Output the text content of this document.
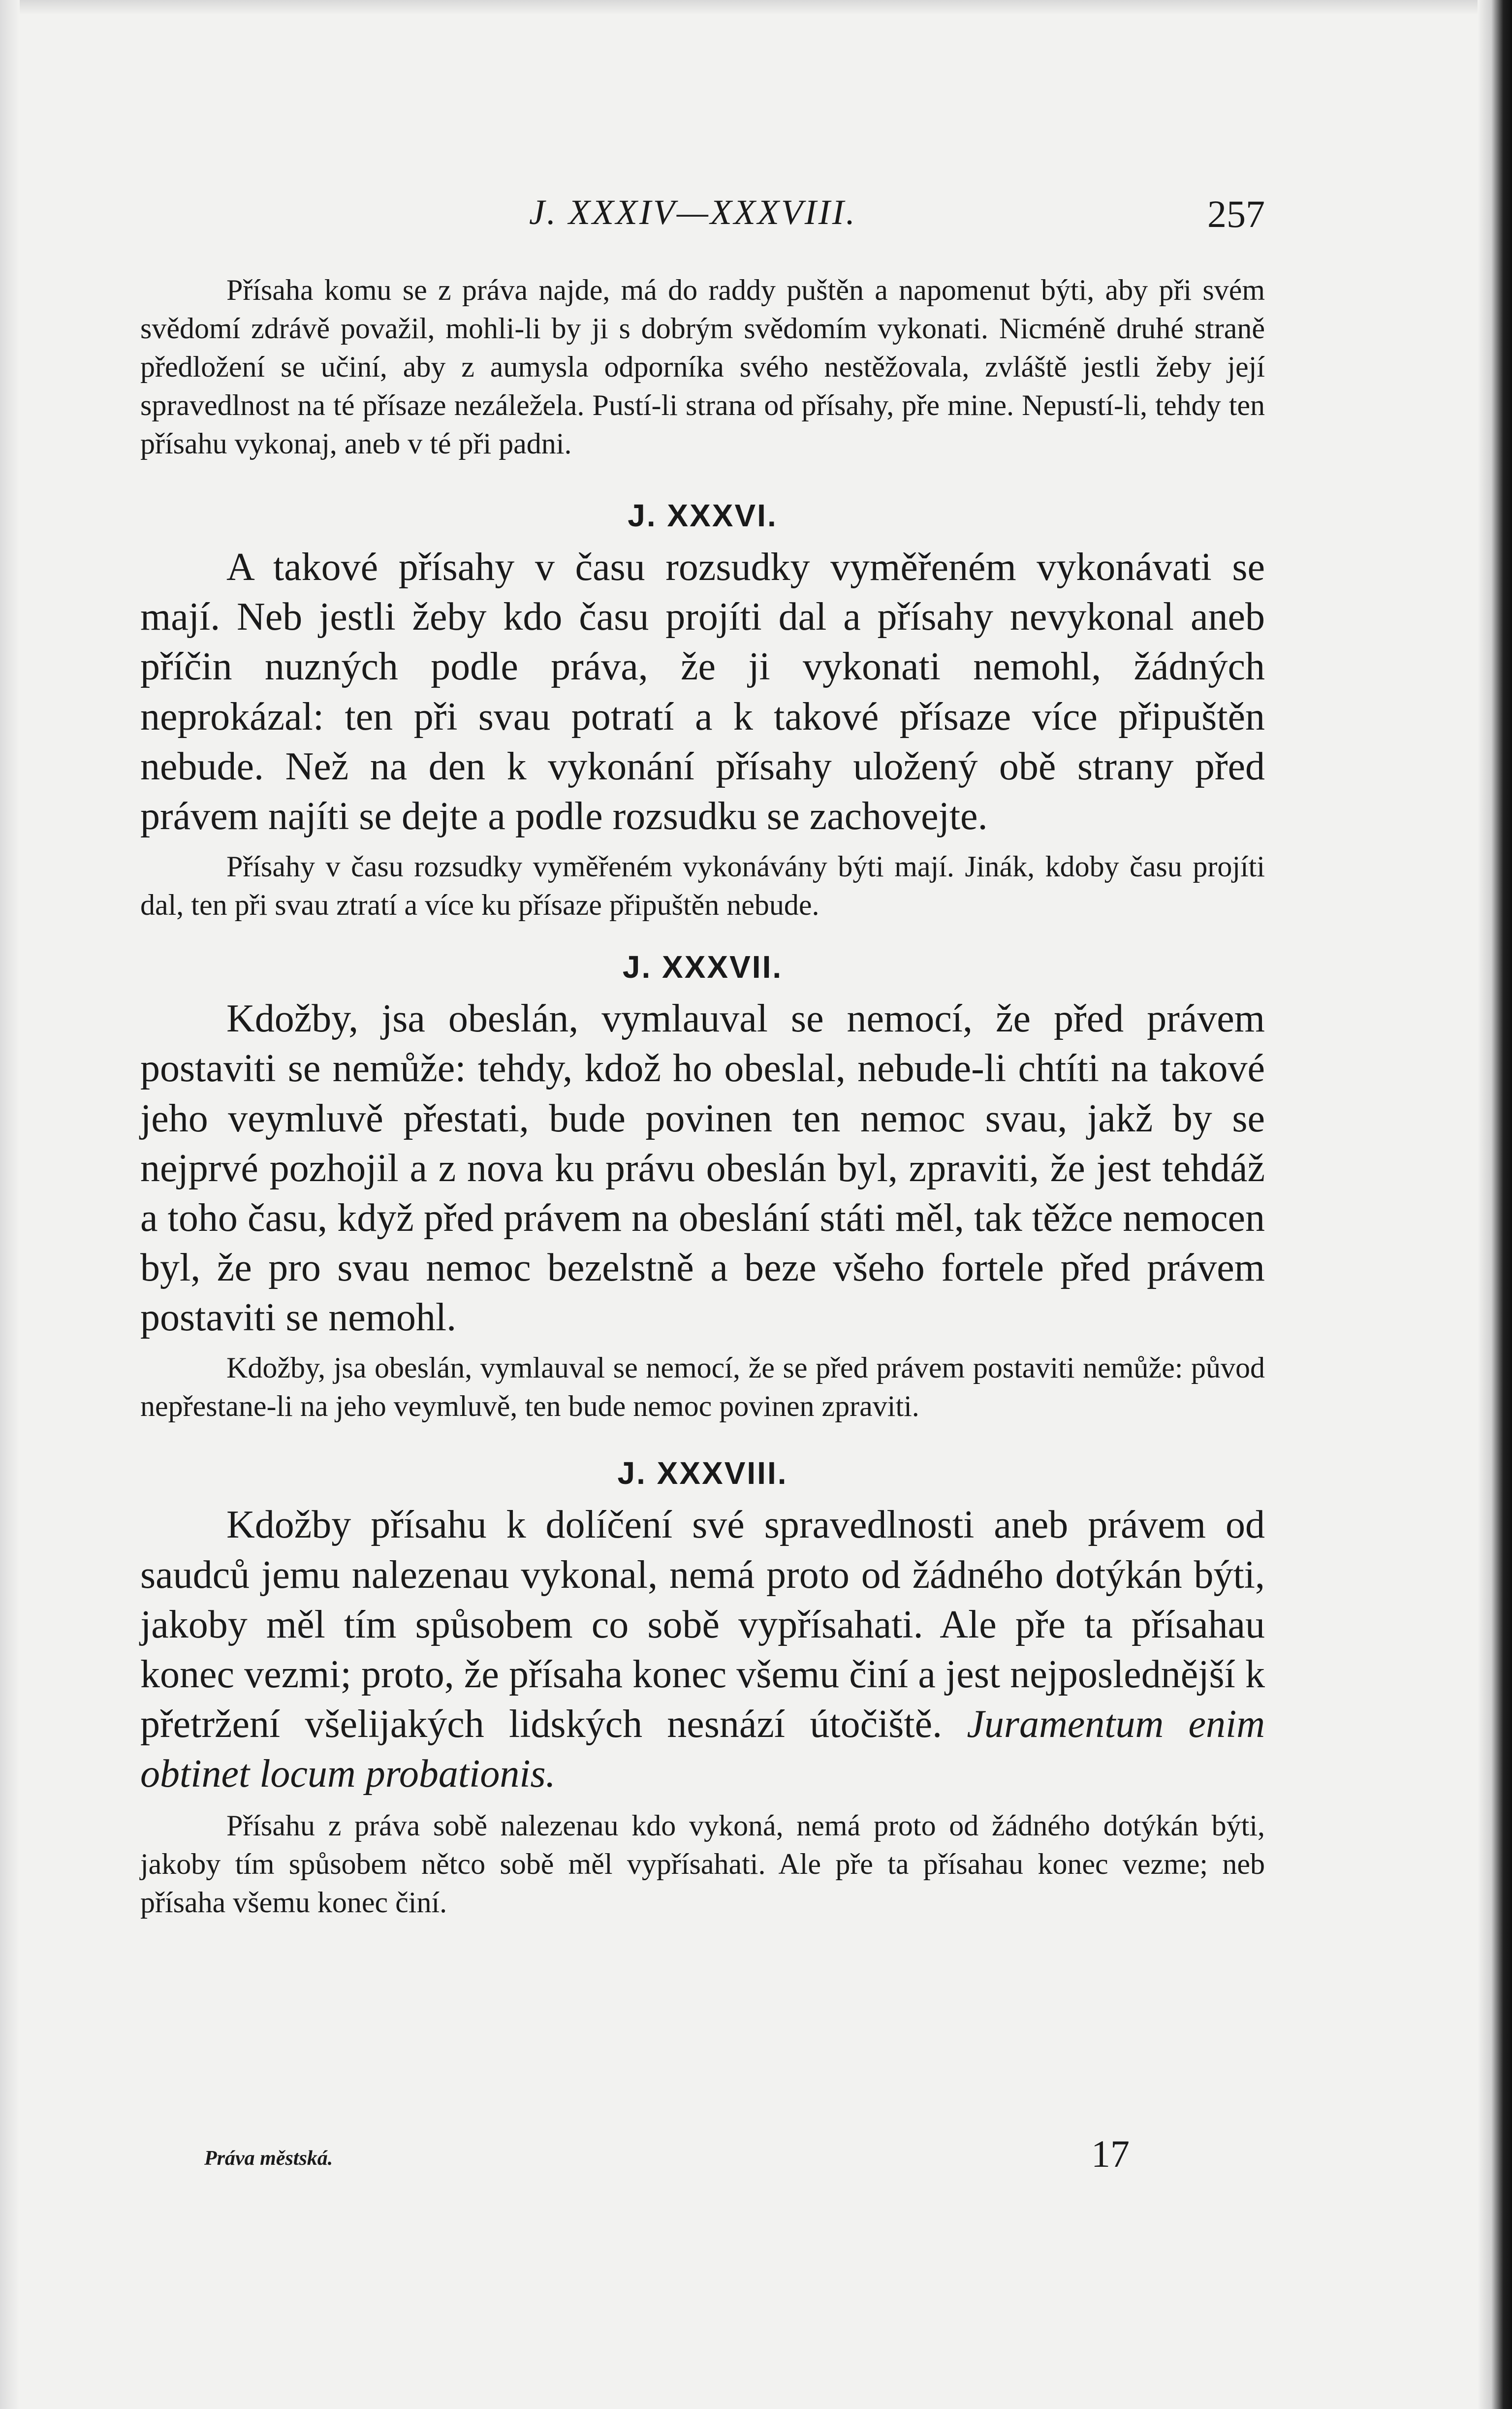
J. XXXIV—XXXVIII.	257

Přísaha komu se z práva najde, má do raddy puštěn a napomenut býti, aby při svém svědomí zdrávě považil, mohli-li by ji s dobrým svědomím vykonati. Nicméně druhé straně předložení se učiní, aby z aumysla odporníka svého nestěžovala, zvláště jestli žeby její spravedlnost na té přísaze nezáležela. Pustí-li strana od přísahy, pře mine. Nepustí-li, tehdy ten přísahu vykonaj, aneb v té při padni.

J. XXXVI.

A takové přísahy v času rozsudky vyměřeném vykonávati se mají. Neb jestli žeby kdo času projíti dal a přísahy nevykonal aneb příčin nuzných podle práva, že ji vykonati nemohl, žádných neprokázal: ten při svau potratí a k takové přísaze více připuštěn nebude. Než na den k vykonání přísahy uložený obě strany před právem najíti se dejte a podle rozsudku se zachovejte.

Přísahy v času rozsudky vyměřeném vykonávány býti mají. Jinák, kdoby času projíti dal, ten při svau ztratí a více ku přísaze připuštěn nebude.

J. XXXVII.

Kdožby, jsa obeslán, vymlauval se nemocí, že před právem postaviti se nemůže: tehdy, kdož ho obeslal, nebude-li chtíti na takové jeho veymluvě přestati, bude povinen ten nemoc svau, jakž by se nejprvé pozhojil a z nova ku právu obeslán byl, zpraviti, že jest tehdáž a toho času, když před právem na obeslání státi měl, tak těžce nemocen byl, že pro svau nemoc bezelstně a beze všeho fortele před právem postaviti se nemohl.

Kdožby, jsa obeslán, vymlauval se nemocí, že se před právem postaviti nemůže: původ nepřestane-li na jeho veymluvě, ten bude nemoc povinen zpraviti.

J. XXXVIII.

Kdožby přísahu k dolíčení své spravedlnosti aneb právem od saudců jemu nalezenau vykonal, nemá proto od žádného dotýkán býti, jakoby měl tím spůsobem co sobě vypřísahati. Ale pře ta přísahau konec vezmi; proto, že přísaha konec všemu činí a jest nejposlednější k přetržení všelijakých lidských nesnází útočiště. Juramentum enim obtinet locum probationis.

Přísahu z práva sobě nalezenau kdo vykoná, nemá proto od žádného dotýkán býti, jakoby tím spůsobem nětco sobě měl vypřísahati. Ale pře ta přísahau konec vezme; neb přísaha všemu konec činí.

Práva městská.	17
